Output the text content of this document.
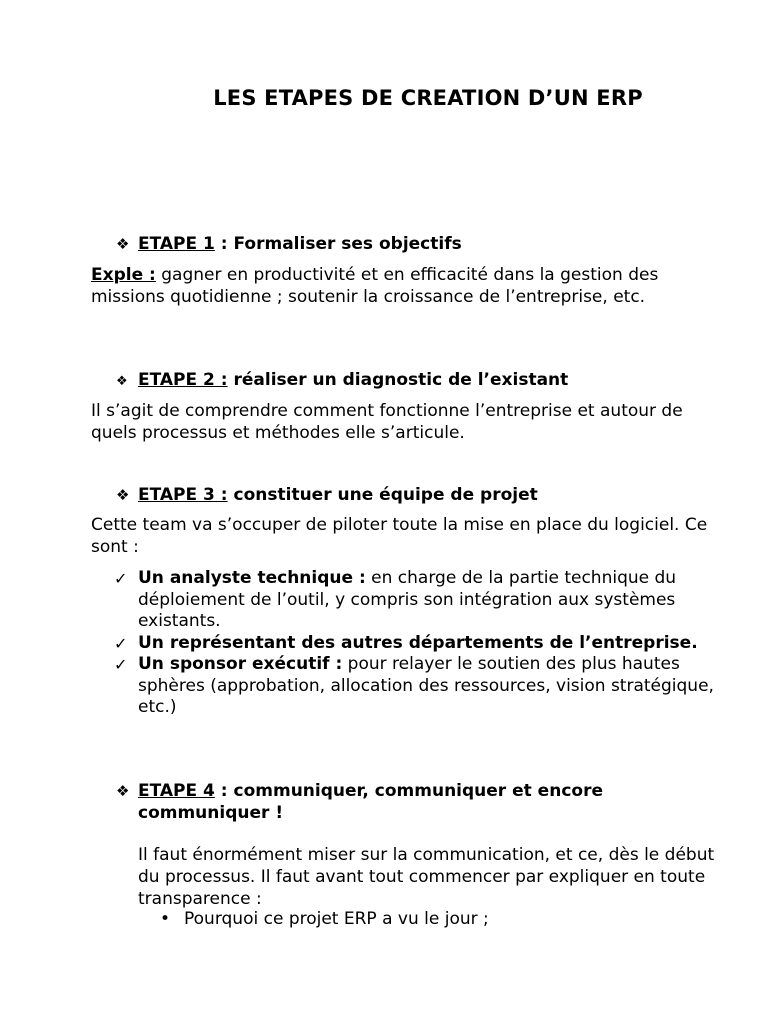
LES ETAPES DE CREATION D’UN ERP
❖ ETAPE 1 : Formaliser ses objectifs

Exple : gagner en productivité et en efficacité dans la gestion des missions quotidienne ; soutenir la croissance de l’entreprise, etc.

❖ ETAPE 2 : réaliser un diagnostic de l’existant

Il s’agit de comprendre comment fonctionne l’entreprise et autour de quels processus et méthodes elle s’articule.

❖ ETAPE 3 : constituer une équipe de projet

Cette team va s’occuper de piloter toute la mise en place du logiciel. Ce sont :

✓ Un analyste technique : en charge de la partie technique du déploiement de l’outil, y compris son intégration aux systèmes existants.
✓ Un représentant des autres départements de l’entreprise.
✓ Un sponsor exécutif : pour relayer le soutien des plus hautes sphères (approbation, allocation des ressources, vision stratégique, etc.)
❖ ETAPE 4 : communiquer, communiquer et encore
communiquer !

Il faut énormément miser sur la communication, et ce, dès le début du processus. Il faut avant tout commencer par expliquer en toute transparence :

• Pourquoi ce projet ERP a vu le jour ;
